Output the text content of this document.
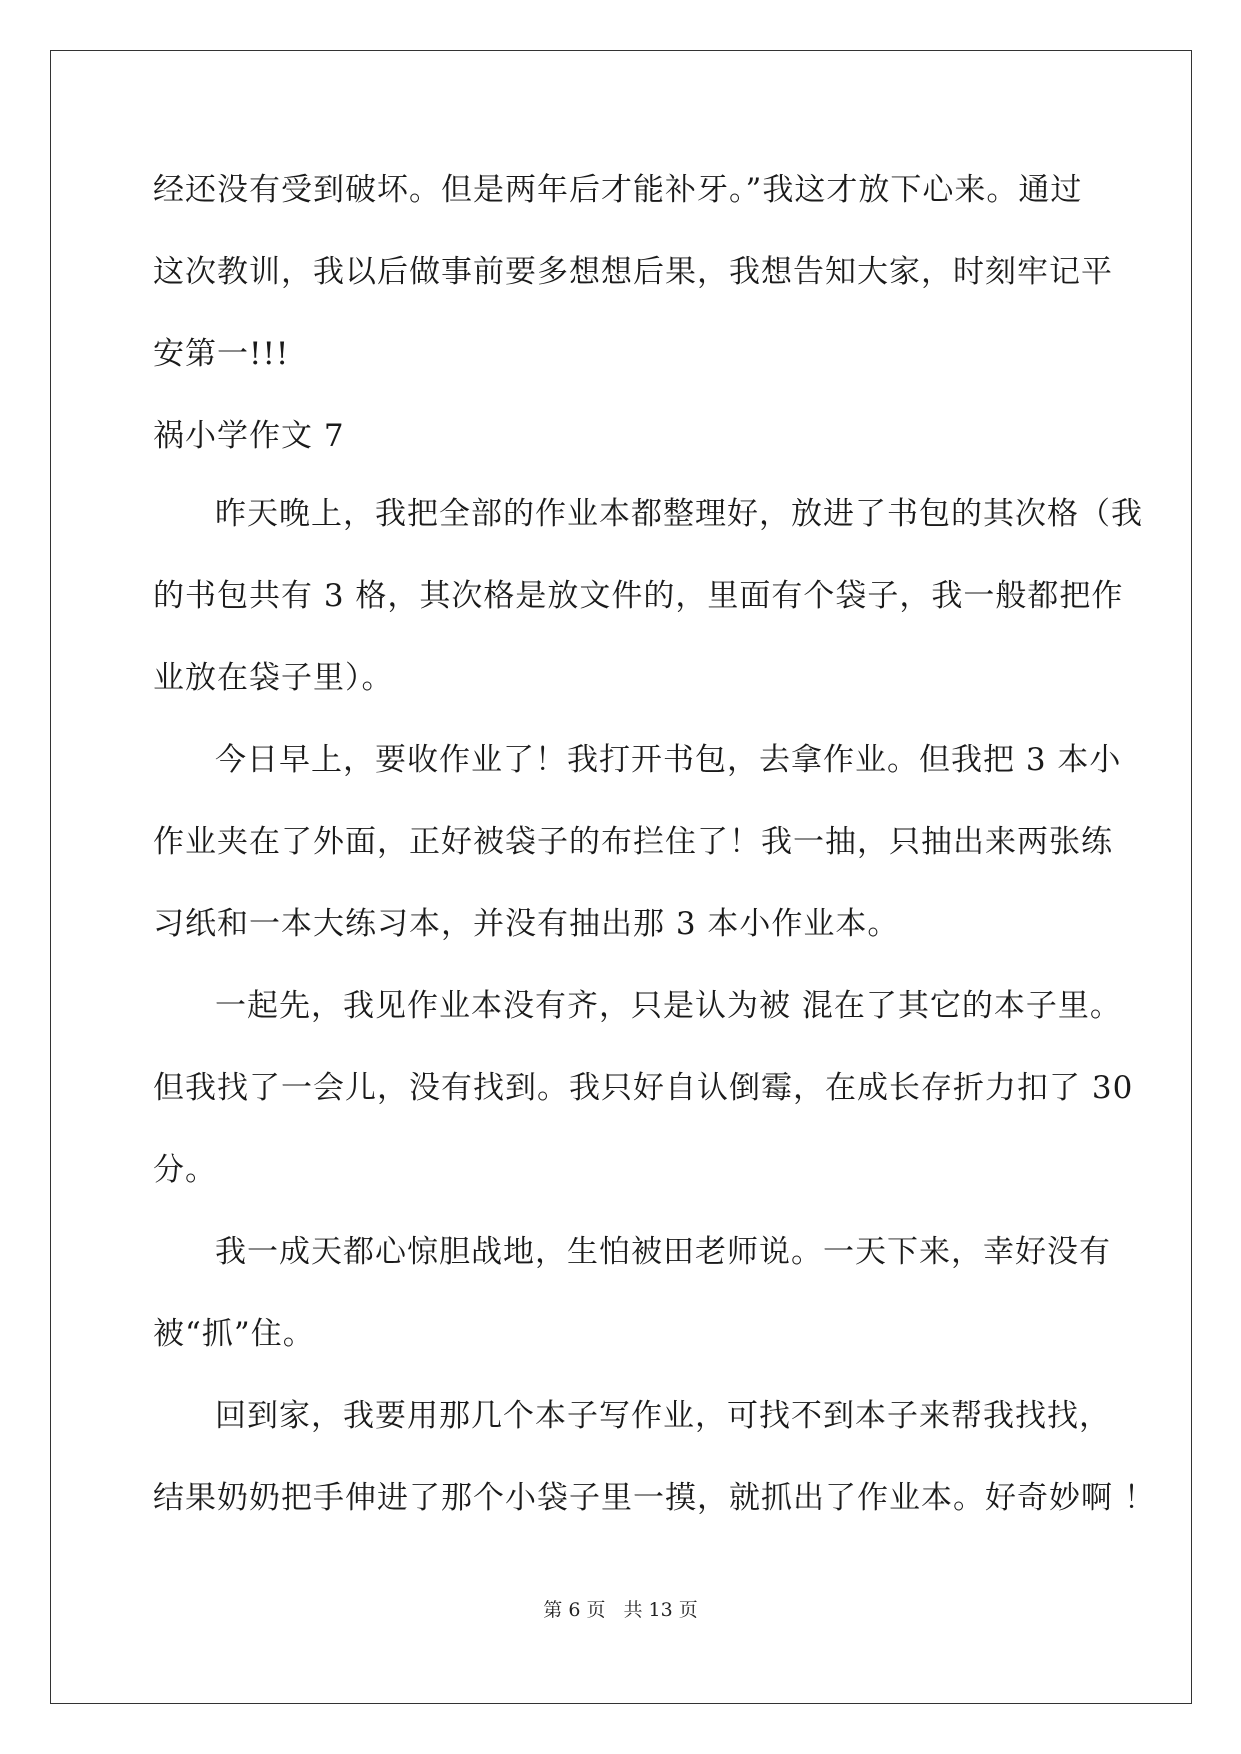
经还没有受到破坏。但是两年后才能补牙。”我这才放下心来。通过
这次教训，我以后做事前要多想想后果，我想告知大家，时刻牢记平
安第一!!!
祸小学作文 7
昨天晚上，我把全部的作业本都整理好，放进了书包的其次格（我
的书包共有 3 格，其次格是放文件的，里面有个袋子，我一般都把作
业放在袋子里）。
今日早上，要收作业了！我打开书包，去拿作业。但我把 3 本小
作业夹在了外面，正好被袋子的布拦住了！我一抽，只抽出来两张练
习纸和一本大练习本，并没有抽出那 3 本小作业本。
一起先，我见作业本没有齐，只是认为被 混在了其它的本子里。
但我找了一会儿，没有找到。我只好自认倒霉，在成长存折力扣了 30
分。
我一成天都心惊胆战地，生怕被田老师说。一天下来，幸好没有
被“抓”住。
回到家，我要用那几个本子写作业，可找不到本子来帮我找找，
结果奶奶把手伸进了那个小袋子里一摸，就抓出了作业本。好奇妙啊 ！
第 6 页 共 13 页
